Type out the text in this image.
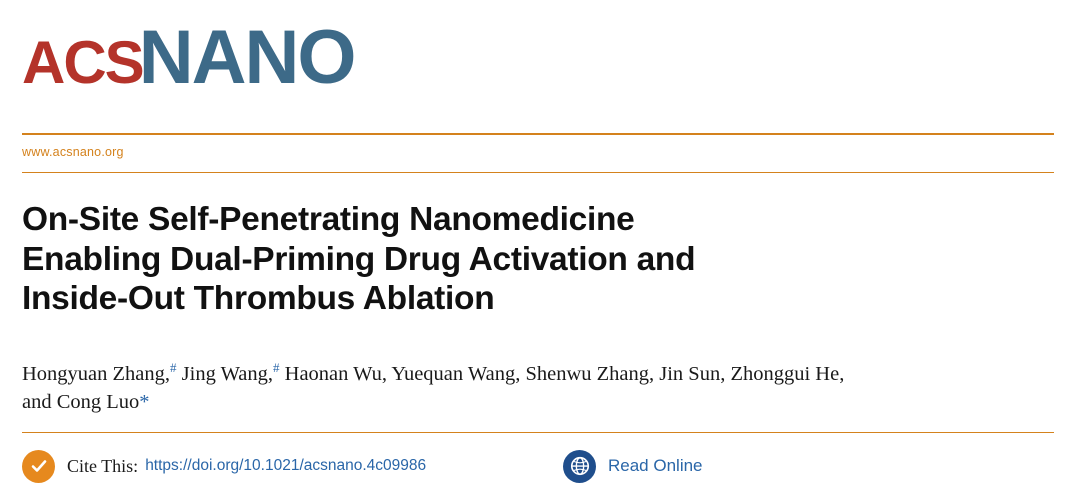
ACS
NANO
www.acsnano.org
On-Site Self-Penetrating Nanomedicine
Enabling Dual-Priming Drug Activation and
Inside-Out Thrombus Ablation
Hongyuan Zhang,# Jing Wang,# Haonan Wu, Yuequan Wang, Shenwu Zhang, Jin Sun, Zhonggui He,
and Cong Luo*
Cite This: https://doi.org/10.1021/acsnano.4c09986	Read Online
